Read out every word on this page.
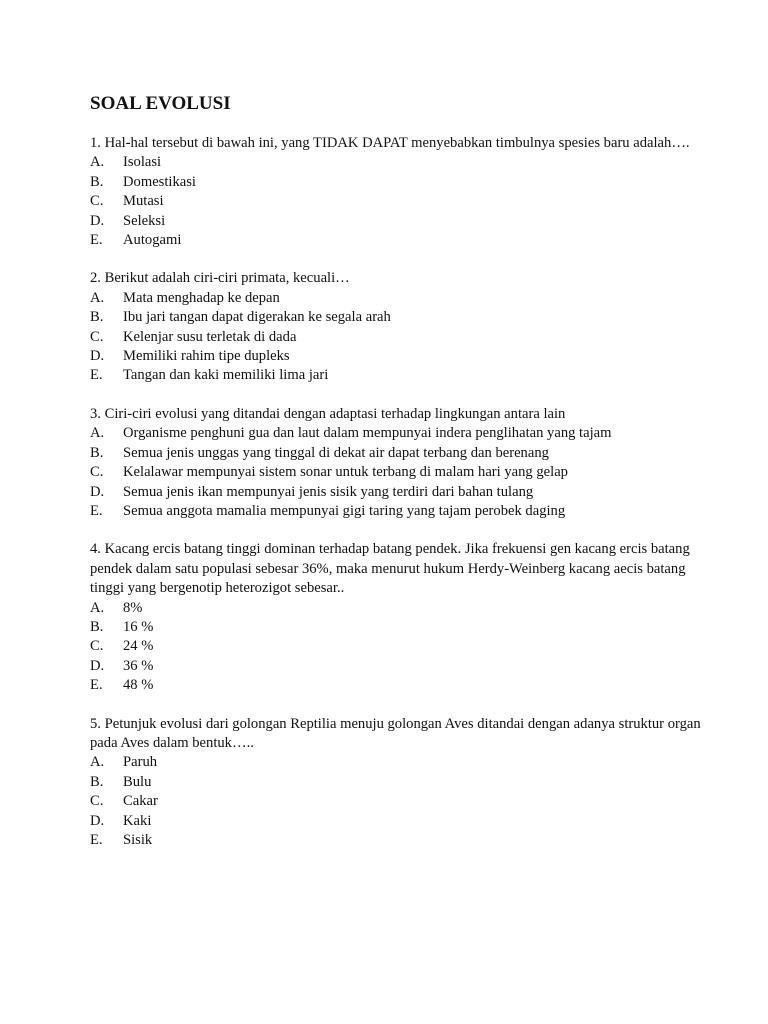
SOAL EVOLUSI

1. Hal-hal tersebut di bawah ini, yang TIDAK DAPAT menyebabkan timbulnya spesies baru adalah….

A.	Isolasi
B.	Domestikasi
C.	Mutasi
D.	Seleksi
E.	Autogami

2. Berikut adalah ciri-ciri primata, kecuali…

A.	Mata menghadap ke depan
B.	Ibu jari tangan dapat digerakan ke segala arah
C.	Kelenjar susu terletak di dada
D.	Memiliki rahim tipe dupleks
E.	Tangan dan kaki memiliki lima jari

3. Ciri-ciri evolusi yang ditandai dengan adaptasi terhadap lingkungan antara lain

A.	Organisme penghuni gua dan laut dalam mempunyai indera penglihatan yang tajam
B.	Semua jenis unggas yang tinggal di dekat air dapat terbang dan berenang
C.	Kelalawar mempunyai sistem sonar untuk terbang di malam hari yang gelap
D.	Semua jenis ikan mempunyai jenis sisik yang terdiri dari bahan tulang
E.	Semua anggota mamalia mempunyai gigi taring yang tajam perobek daging

4. Kacang ercis batang tinggi dominan terhadap batang pendek. Jika frekuensi gen kacang ercis batang pendek dalam satu populasi sebesar 36%, maka menurut hukum Herdy-Weinberg kacang aecis batang tinggi yang bergenotip heterozigot sebesar..

A.	8%
B.	16 %
C.	24 %
D.	36 %
E.	48 %

5. Petunjuk evolusi dari golongan Reptilia menuju golongan Aves ditandai dengan adanya struktur organ pada Aves dalam bentuk…..

A.	Paruh
B.	Bulu
C.	Cakar
D.	Kaki
E.	Sisik
